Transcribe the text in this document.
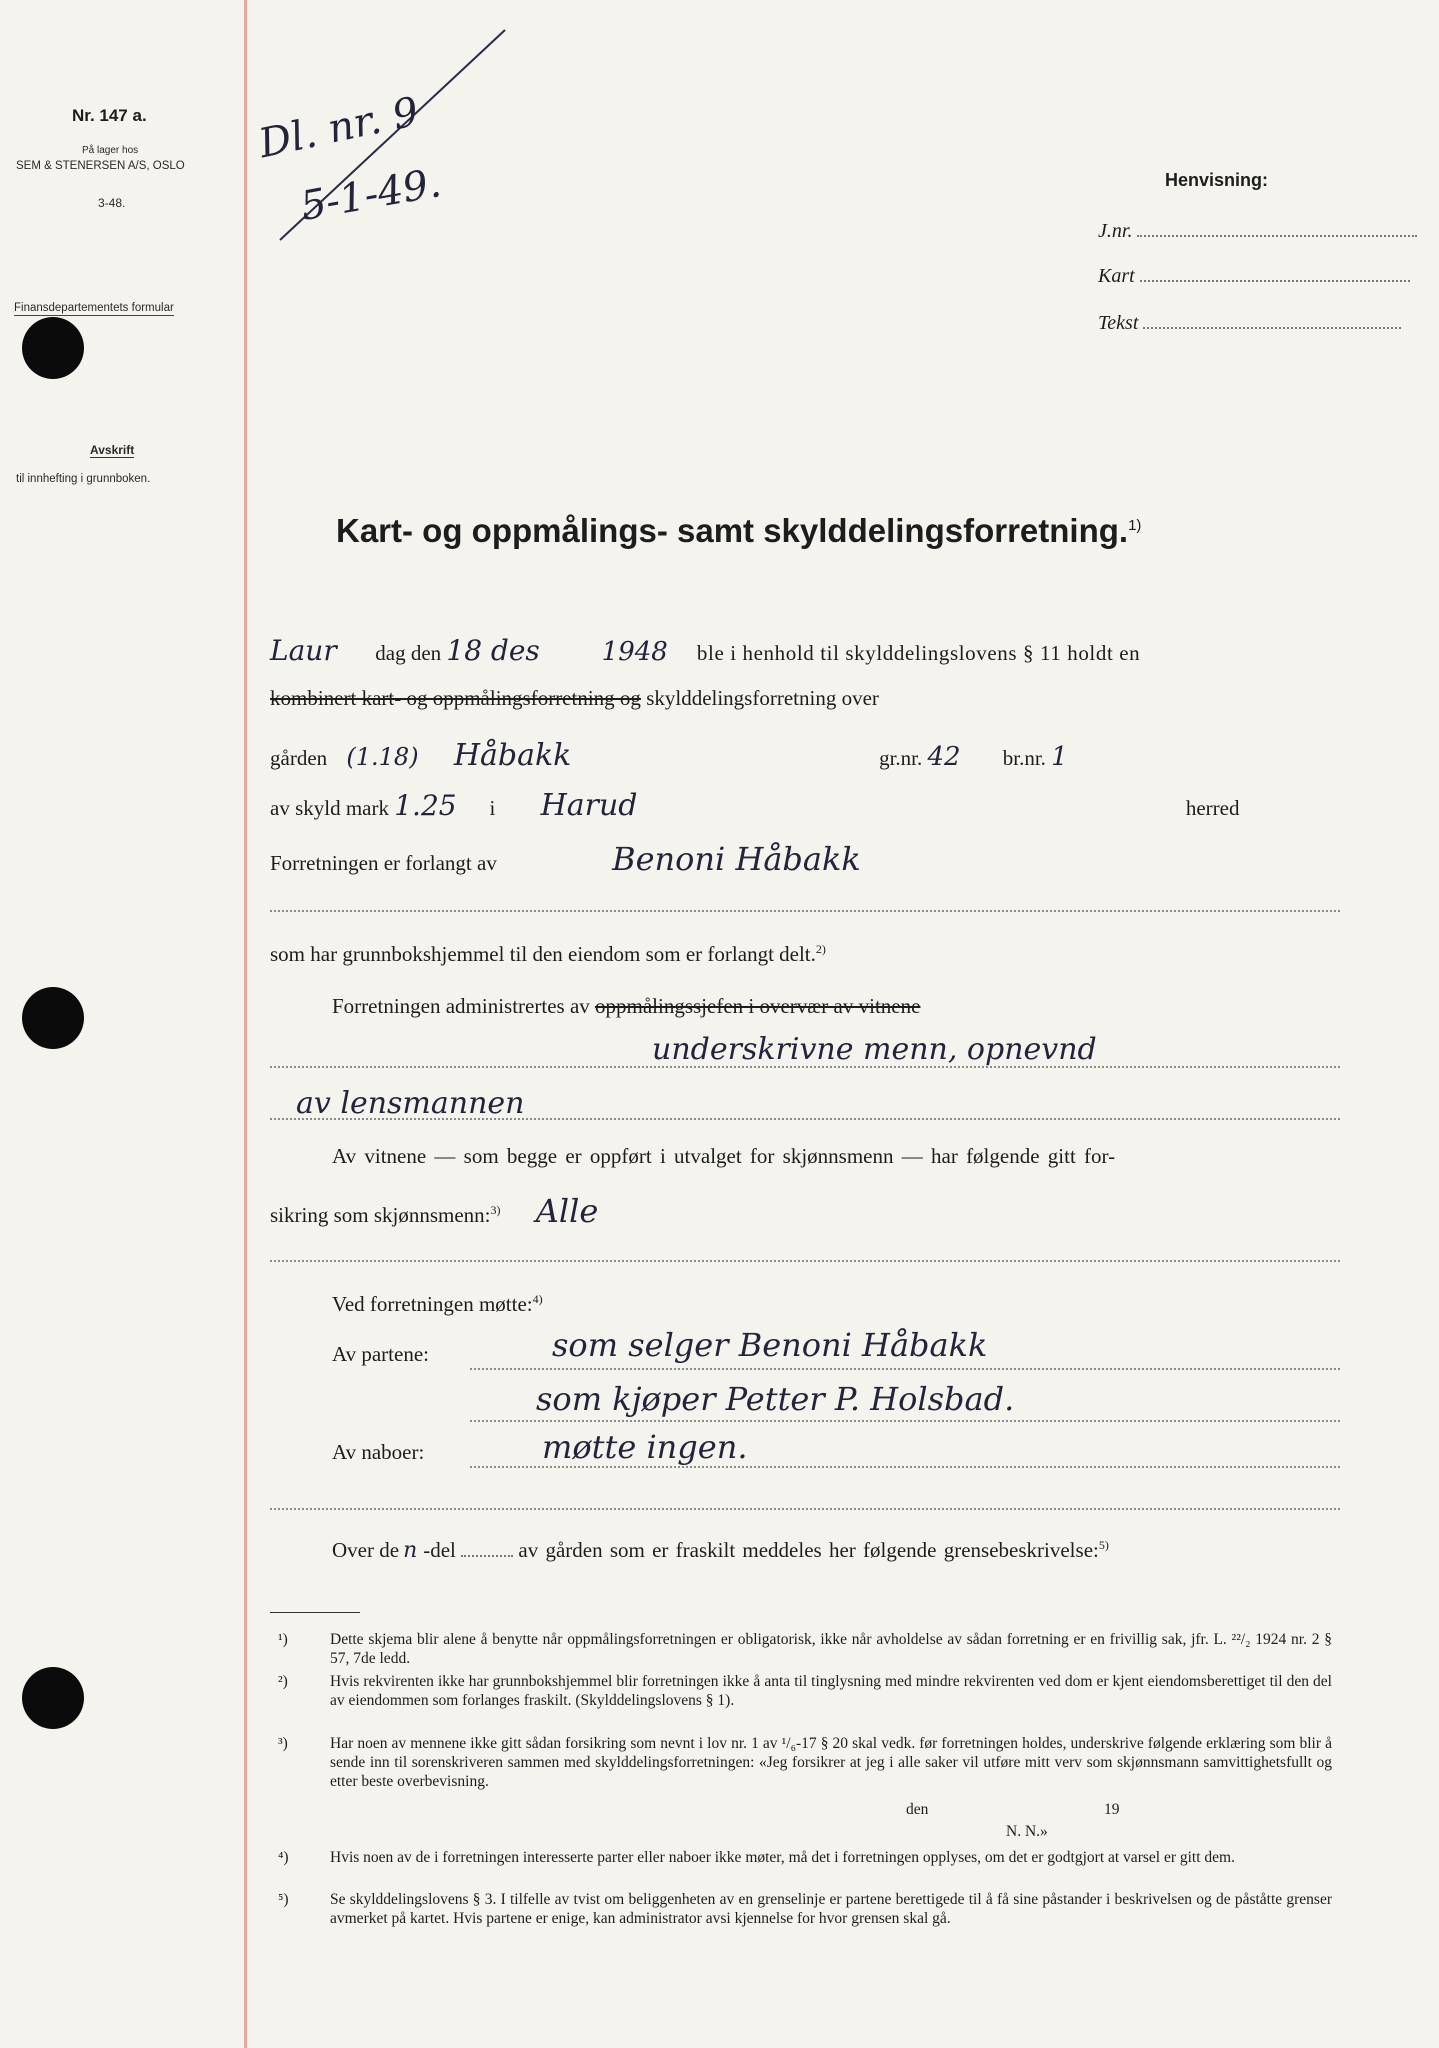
Nr. 147 a.
På lager hos
SEM & STENERSEN A/S, OSLO
3-48.
Finansdepartementets formular
Avskrift
til innhefting i grunnboken.
Dl. nr. 9
5-1-49.	Henvisning:
J.nr.
Kart
Tekst
Kart- og oppmålings- samt skylddelingsforretning.$^{1)}$
Laur dag den 18 des 1948 ble i henhold til skylddelingslovens § 11 holdt en
kombinert kart- og oppmålingsforretning og skylddelingsforretning over
gården (1.18) Håbakk	gr.nr. 42 br.nr. 1
av skyld mark 1.25 i Harud	herred
Forretningen er forlangt av	Benoni Håbakk
som har grunnbokshjemmel til den eiendom som er forlangt delt.$^{2)}$
Forretningen administrertes av oppmålingssjefen i overvær av vitnene
underskrivne menn, opnevnd
av lensmannen
Av vitnene — som begge er oppført i utvalget for skjønnsmenn — har følgende gitt for-
sikring som skjønnsmenn:$^{3)}$ Alle
Ved forretningen møtte:$^{4)}$
Av partene:	som selger Benoni Håbakk
som kjøper Petter P. Holsbad.
Av naboer:	møtte ingen.
Over de n -del	av gården som er fraskilt meddeles her følgende grensebeskrivelse:$^{5)}$
¹)	Dette skjema blir alene å benytte når oppmålingsforretningen er obligatorisk, ikke når avholdelse av sådan forretning er en frivillig sak, jfr. L. ²²/₂ 1924 nr. 2 § 57, 7de ledd.
²)	Hvis rekvirenten ikke har grunnbokshjemmel blir forretningen ikke å anta til tinglysning med mindre rekvirenten ved dom er kjent eiendomsberettiget til den del av eiendommen som forlanges fraskilt. (Skylddelingslovens § 1).
³)	Har noen av mennene ikke gitt sådan forsikring som nevnt i lov nr. 1 av ¹/₆-17 § 20 skal vedk. før forretningen holdes, underskrive følgende erklæring som blir å sende inn til sorenskriveren sammen med skylddelingsforretningen: «Jeg forsikrer at jeg i alle saker vil utføre mitt verv som skjønnsmann samvittighetsfullt og etter beste overbevisning.
den	19
N. N.»
⁴)	Hvis noen av de i forretningen interesserte parter eller naboer ikke møter, må det i forretningen opplyses, om det er godtgjort at varsel er gitt dem.
⁵)	Se skylddelingslovens § 3. I tilfelle av tvist om beliggenheten av en grenselinje er partene berettigede til å få sine påstander i beskrivelsen og de påståtte grenser avmerket på kartet. Hvis partene er enige, kan administrator avsi kjennelse for hvor grensen skal gå.
